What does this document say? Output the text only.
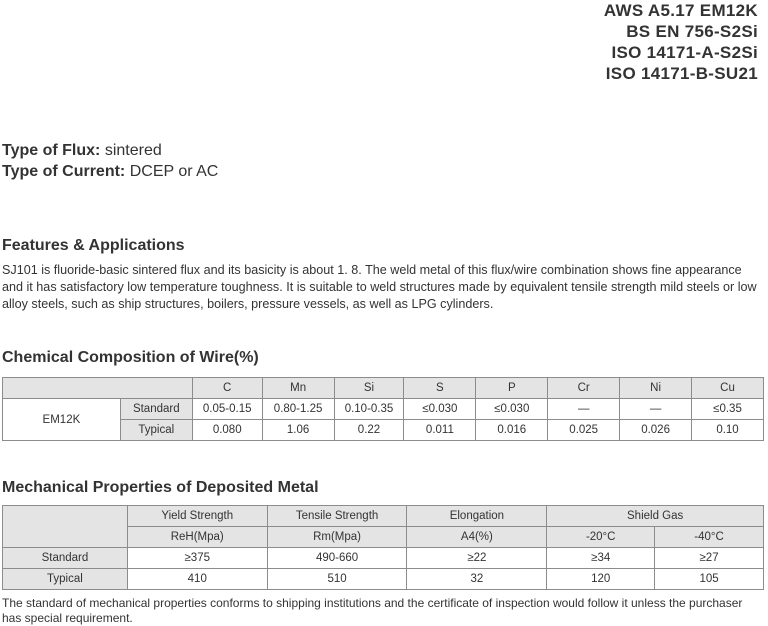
AWS A5.17 EM12K
BS EN 756-S2Si
ISO 14171-A-S2Si
ISO 14171-B-SU21
Type of Flux: sintered
Type of Current: DCEP or AC
Features & Applications

SJ101 is fluoride-basic sintered flux and its basicity is about 1. 8. The weld metal of this flux/wire combination shows fine appearance and it has satisfactory low temperature toughness. It is suitable to weld structures made by equivalent tensile strength mild steels or low alloy steels, such as ship structures, boilers, pressure vessels, as well as LPG cylinders.

Chemical Composition of Wire(%)
		C	Mn	Si	S	P	Cr	Ni	Cu
EM12K	Standard	0.05-0.15	0.80-1.25	0.10-0.35	≤0.030	≤0.030	—	—	≤0.35
	Typical	0.080	1.06	0.22	0.011	0.016	0.025	0.026	0.10
Mechanical Properties of Deposited Metal
	Yield Strength	Tensile Strength	Elongation	Shield Gas	
	ReH(Mpa)	Rm(Mpa)	A4(%)	-20°C	-40°C
Standard	≥375	490-660	≥22	≥34	≥27
Typical	410	510	32	120	105

The standard of mechanical properties conforms to shipping institutions and the certificate of inspection would follow it unless the purchaser has special requirement.
